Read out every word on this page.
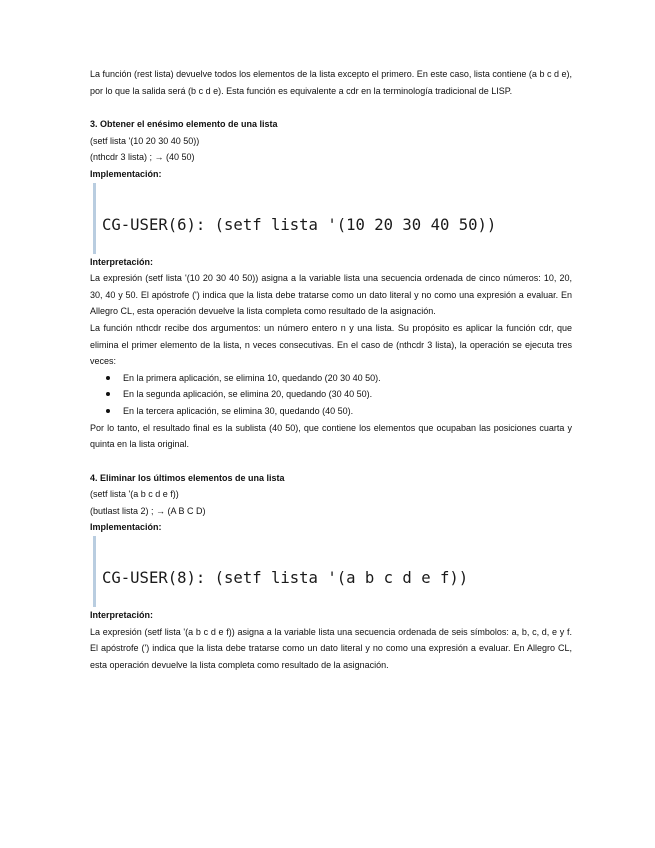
La función (rest lista) devuelve todos los elementos de la lista excepto el primero. En este caso, lista contiene (a b c d e), por lo que la salida será (b c d e). Esta función es equivalente a cdr en la terminología tradicional de LISP.

3. Obtener el enésimo elemento de una lista

(setf lista '(10 20 30 40 50))

(nthcdr 3 lista) ; → (40 50)

Implementación:

CG-USER(6): (setf lista '(10 20 30 40 50))

Interpretación:

La expresión (setf lista '(10 20 30 40 50)) asigna a la variable lista una secuencia ordenada de cinco números: 10, 20, 30, 40 y 50. El apóstrofe (') indica que la lista debe tratarse como un dato literal y no como una expresión a evaluar. En Allegro CL, esta operación devuelve la lista completa como resultado de la asignación.

La función nthcdr recibe dos argumentos: un número entero n y una lista. Su propósito es aplicar la función cdr, que elimina el primer elemento de la lista, n veces consecutivas. En el caso de (nthcdr 3 lista), la operación se ejecuta tres veces:

En la primera aplicación, se elimina 10, quedando (20 30 40 50).
En la segunda aplicación, se elimina 20, quedando (30 40 50).
En la tercera aplicación, se elimina 30, quedando (40 50).

Por lo tanto, el resultado final es la sublista (40 50), que contiene los elementos que ocupaban las posiciones cuarta y quinta en la lista original.

4. Eliminar los últimos elementos de una lista

(setf lista '(a b c d e f))

(butlast lista 2) ; → (A B C D)

Implementación:

CG-USER(8): (setf lista '(a b c d e f))

Interpretación:

La expresión (setf lista '(a b c d e f)) asigna a la variable lista una secuencia ordenada de seis símbolos: a, b, c, d, e y f. El apóstrofe (') indica que la lista debe tratarse como un dato literal y no como una expresión a evaluar. En Allegro CL, esta operación devuelve la lista completa como resultado de la asignación.
